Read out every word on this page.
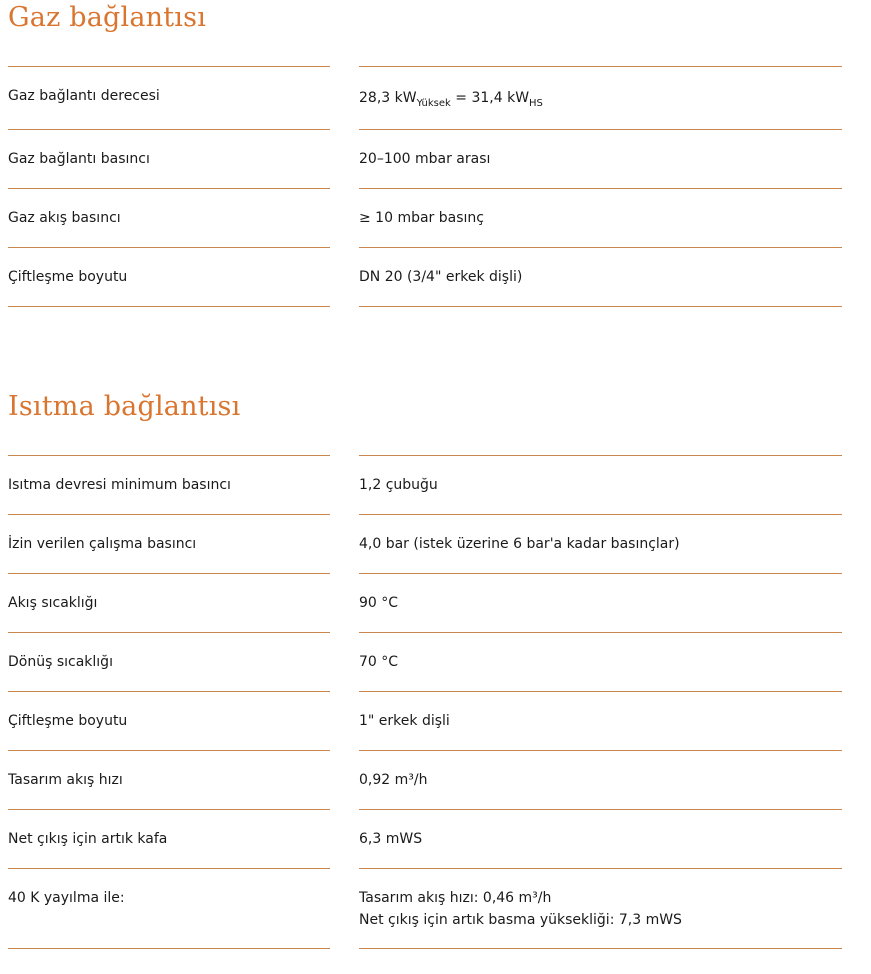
Gaz bağlantısı
Gaz bağlantı derecesi	28,3 $kW_{Yüksek} = 31,4$ $kW_{HS}$
Gaz bağlantı basıncı	20–100 mbar arası
Gaz akış basıncı	≥ 10 mbar basınç
Çiftleşme boyutu	DN 20 (3/4" erkek dişli)
Isıtma bağlantısı
Isıtma devresi minimum basıncı	1,2 çubuğu
İzin verilen çalışma basıncı	4,0 bar (istek üzerine 6 bar'a kadar basınçlar)
Akış sıcaklığı	90 °C
Dönüş sıcaklığı	70 °C
Çiftleşme boyutu	1" erkek dişli
Tasarım akış hızı	0,92 m³/h
Net çıkış için artık kafa	6,3 mWS
40 K yayılma ile:	Tasarım akış hızı: 0,46 m³/h
Net çıkış için artık basma yüksekliği: 7,3 mWS
